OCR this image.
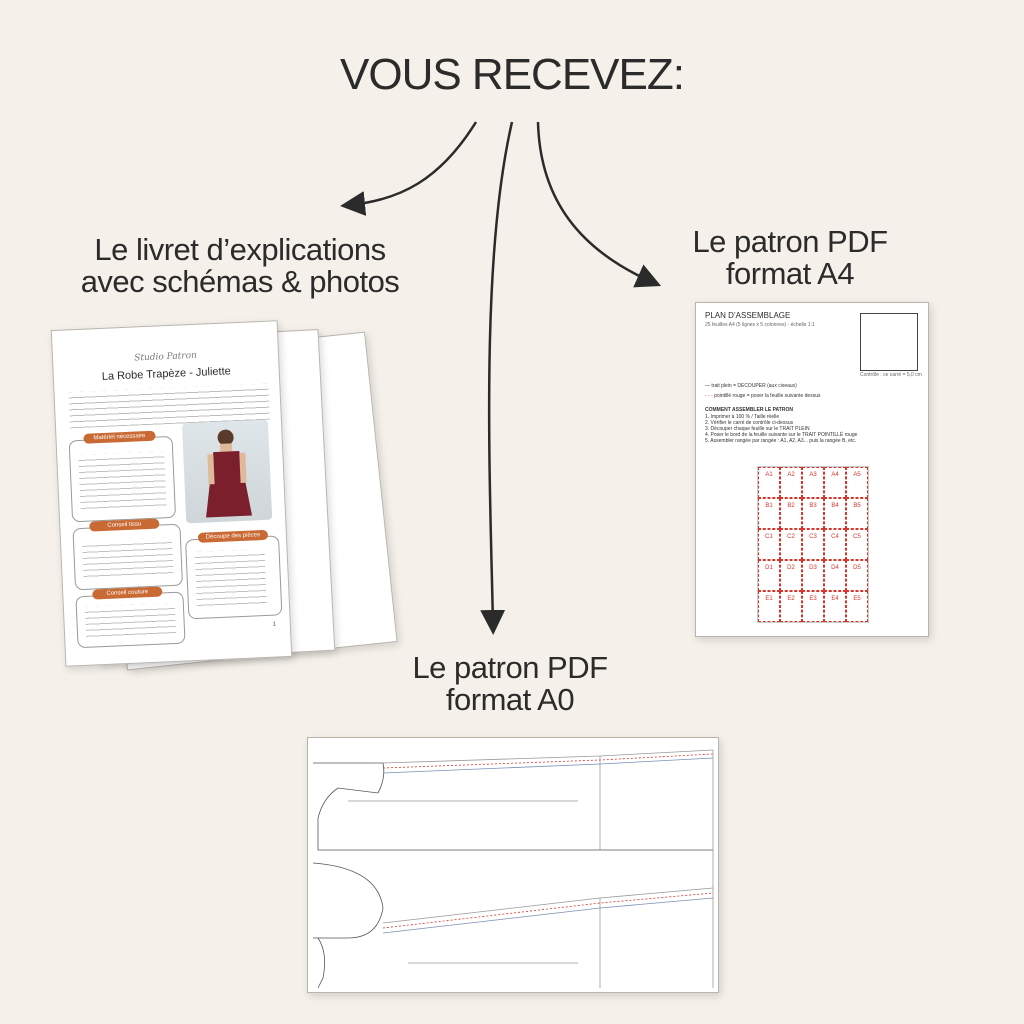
VOUS RECEVEZ:
Le livret d’explications
avec schémas & photos
Le patron PDF
format A4
Le patron PDF
format A0
Studio Patron
La Robe Trapèze - Juliette
Matériel nécessaire
Conseil tissu
Conseil couture
Découpe des pièces
1
PLAN D’ASSEMBLAGE
25 feuilles A4 (5 lignes x 5 colonnes) - échelle 1:1
Contrôle : ce carré = 5,0 cm
— trait plein = DECOUPER (aux ciseaux)
- - - pointillé rouge = poser la feuille suivante dessus
COMMENT ASSEMBLER LE PATRON
1. Imprimer à 100 % / Taille réelle
2. Vérifier le carré de contrôle ci-dessus
3. Découper chaque feuille sur le TRAIT PLEIN
4. Poser le bord de la feuille suivante sur le TRAIT POINTILLÉ rouge
5. Assembler rangée par rangée : A1, A2, A3... puis la rangée B, etc.
A1	A2	A3	A4	A5
B1	B2	B3	B4	B5
C1	C2	C3	C4	C5
D1	D2	D3	D4	D5
E1	E2	E3	E4	E5
